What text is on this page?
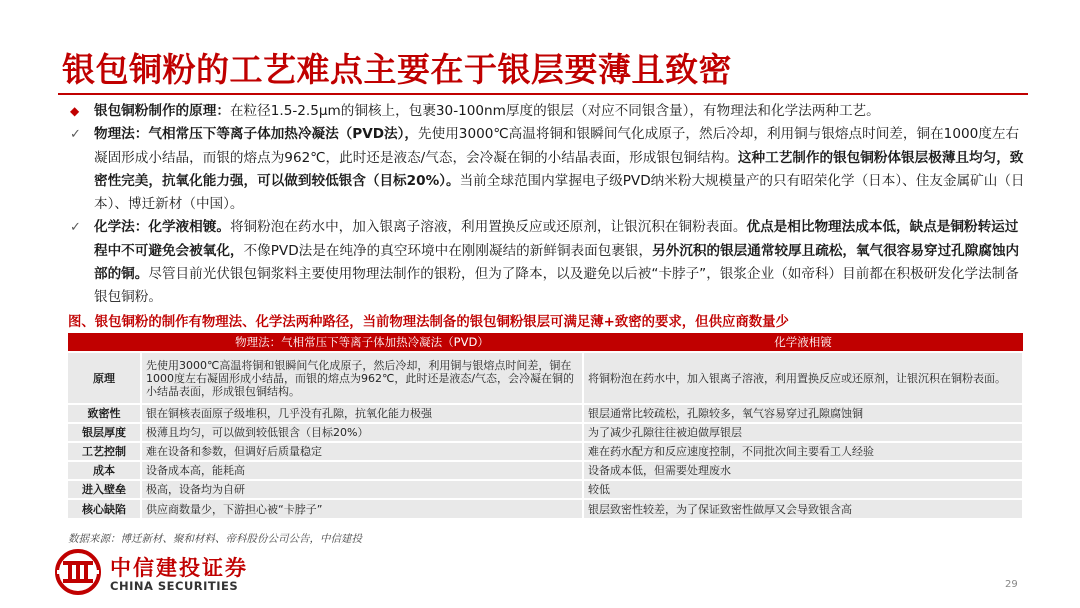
银包铜粉的工艺难点主要在于银层要薄且致密
◆ 银包铜粉制作的原理：在粒径1.5-2.5μm的铜核上，包裹30-100nm厚度的银层（对应不同银含量），有物理法和化学法两种工艺。
✓ 物理法：气相常压下等离子体加热冷凝法（PVD法），先使用3000℃高温将铜和银瞬间气化成原子，然后冷却，利用铜与银熔点时间差，铜在1000度左右凝固形成小结晶，而银的熔点为962℃，此时还是液态/气态，会冷凝在铜的小结晶表面，形成银包铜结构。这种工艺制作的银包铜粉体银层极薄且均匀，致密性完美，抗氧化能力强，可以做到较低银含（目标20%）。当前全球范围内掌握电子级PVD纳米粉大规模量产的只有昭荣化学（日本）、住友金属矿山（日本）、博迁新材（中国）。
✓ 化学法：化学液相镀。将铜粉泡在药水中，加入银离子溶液，利用置换反应或还原剂，让银沉积在铜粉表面。优点是相比物理法成本低，缺点是铜粉转运过程中不可避免会被氧化，不像PVD法是在纯净的真空环境中在刚刚凝结的新鲜铜表面包裹银，另外沉积的银层通常较厚且疏松，氧气很容易穿过孔隙腐蚀内部的铜。尽管目前光伏银包铜浆料主要使用物理法制作的银粉，但为了降本，以及避免以后被“卡脖子”，银浆企业（如帝科）目前都在积极研发化学法制备银包铜粉。
图、银包铜粉的制作有物理法、化学法两种路径，当前物理法制备的银包铜粉银层可满足薄+致密的要求，但供应商数量少
	物理法：气相常压下等离子体加热冷凝法（PVD）	化学液相镀
原理	先使用3000℃高温将铜和银瞬间气化成原子，然后冷却，利用铜与银熔点时间差，铜在1000度左右凝固形成小结晶，而银的熔点为962℃，此时还是液态/气态，会冷凝在铜的小结晶表面，形成银包铜结构。	将铜粉泡在药水中，加入银离子溶液，利用置换反应或还原剂，让银沉积在铜粉表面。
致密性	银在铜核表面原子级堆积，几乎没有孔隙，抗氧化能力极强	银层通常比较疏松，孔隙较多，氧气容易穿过孔隙腐蚀铜
银层厚度	极薄且均匀，可以做到较低银含（目标20%）	为了减少孔隙往往被迫做厚银层
工艺控制	难在设备和参数，但调好后质量稳定	难在药水配方和反应速度控制，不同批次间主要看工人经验
成本	设备成本高，能耗高	设备成本低，但需要处理废水
进入壁垒	极高，设备均为自研	较低
核心缺陷	供应商数量少，下游担心被“卡脖子”	银层致密性较差，为了保证致密性做厚又会导致银含高
数据来源：博迁新材、聚和材料、帝科股份公司公告，中信建投
中信建投证券
CHINA SECURITIES	29
